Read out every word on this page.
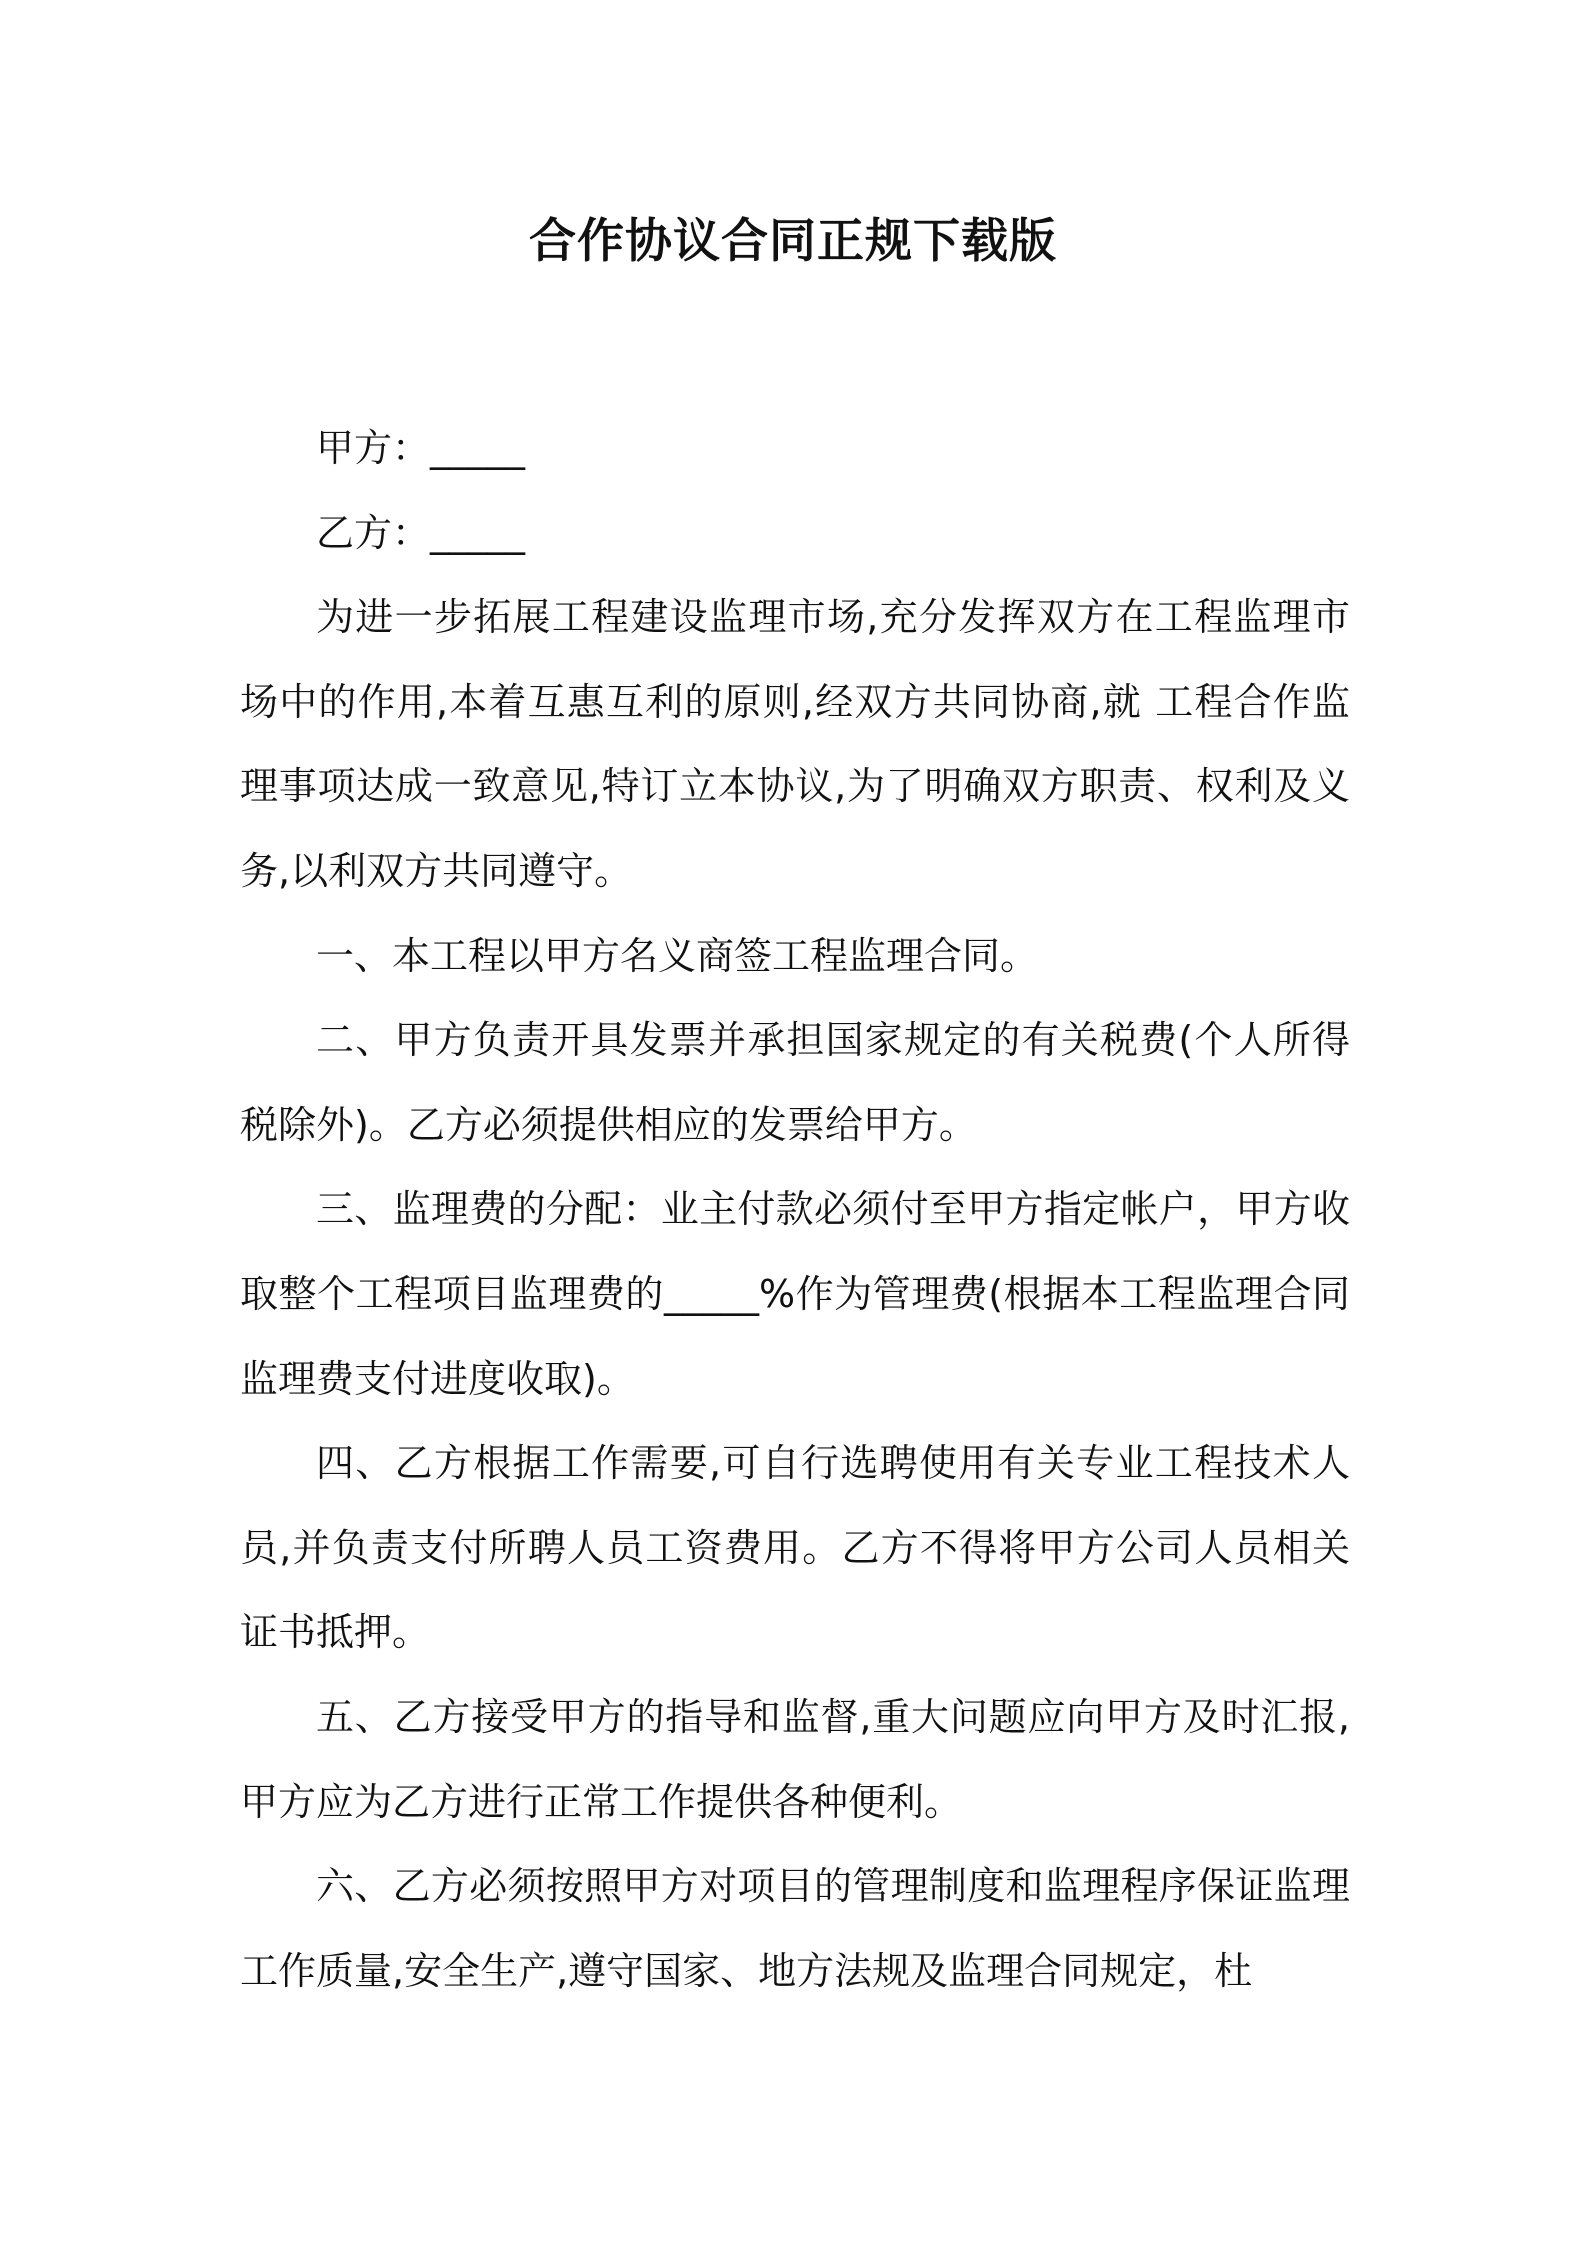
合作协议合同正规下载版

甲方：_____

乙方：_____

为进一步拓展工程建设监理市场,充分发挥双方在工程监理市场中的作用,本着互惠互利的原则,经双方共同协商,就 工程合作监理事项达成一致意见,特订立本协议,为了明确双方职责、权利及义务,以利双方共同遵守。

一、本工程以甲方名义商签工程监理合同。

二、甲方负责开具发票并承担国家规定的有关税费(个人所得税除外)。乙方必须提供相应的发票给甲方。

三、监理费的分配：业主付款必须付至甲方指定帐户，甲方收取整个工程项目监理费的_____%作为管理费(根据本工程监理合同监理费支付进度收取)。

四、乙方根据工作需要,可自行选聘使用有关专业工程技术人员,并负责支付所聘人员工资费用。乙方不得将甲方公司人员相关证书抵押。

五、乙方接受甲方的指导和监督,重大问题应向甲方及时汇报,甲方应为乙方进行正常工作提供各种便利。

六、乙方必须按照甲方对项目的管理制度和监理程序保证监理工作质量,安全生产,遵守国家、地方法规及监理合同规定，杜
